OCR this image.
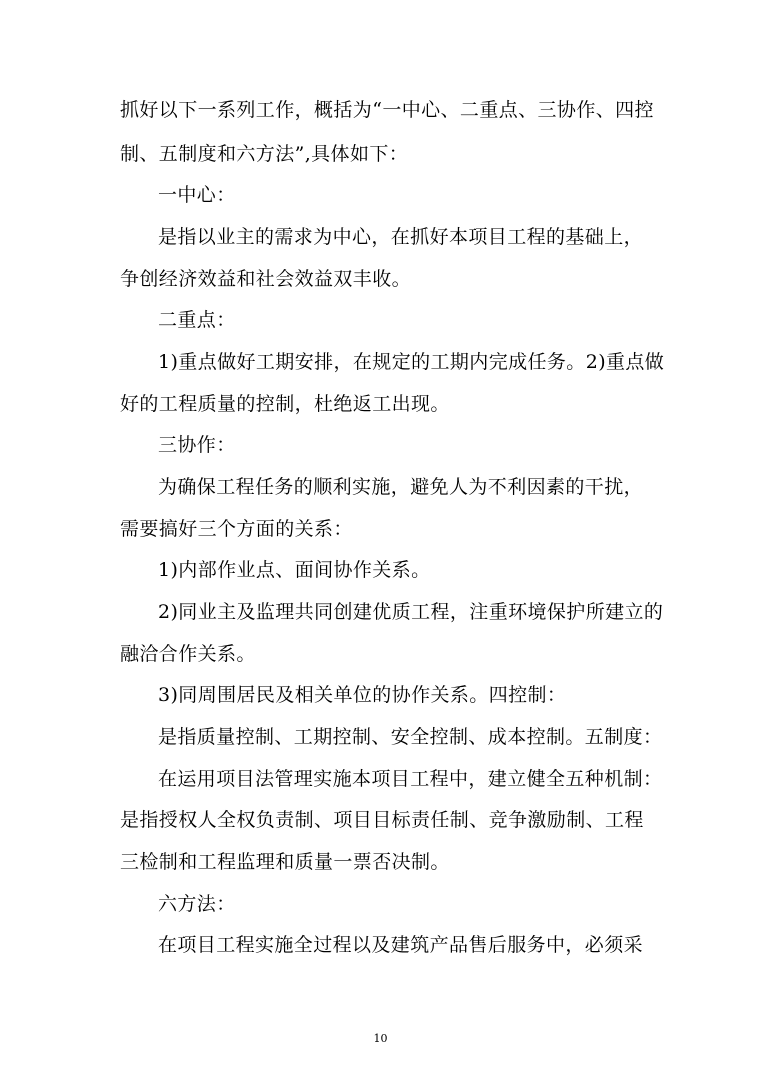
抓好以下一系列工作，概括为“一中心、二重点、三协作、四控
制、五制度和六方法”,具体如下：
一中心：
是指以业主的需求为中心，在抓好本项目工程的基础上，
争创经济效益和社会效益双丰收。
二重点：
1)重点做好工期安排，在规定的工期内完成任务。2)重点做
好的工程质量的控制，杜绝返工出现。
三协作：
为确保工程任务的顺利实施，避免人为不利因素的干扰，
需要搞好三个方面的关系：
1)内部作业点、面间协作关系。
2)同业主及监理共同创建优质工程，注重环境保护所建立的
融洽合作关系。
3)同周围居民及相关单位的协作关系。四控制：
是指质量控制、工期控制、安全控制、成本控制。五制度：
在运用项目法管理实施本项目工程中，建立健全五种机制：
是指授权人全权负责制、项目目标责任制、竞争激励制、工程
三检制和工程监理和质量一票否决制。
六方法：
在项目工程实施全过程以及建筑产品售后服务中，必须采
10
